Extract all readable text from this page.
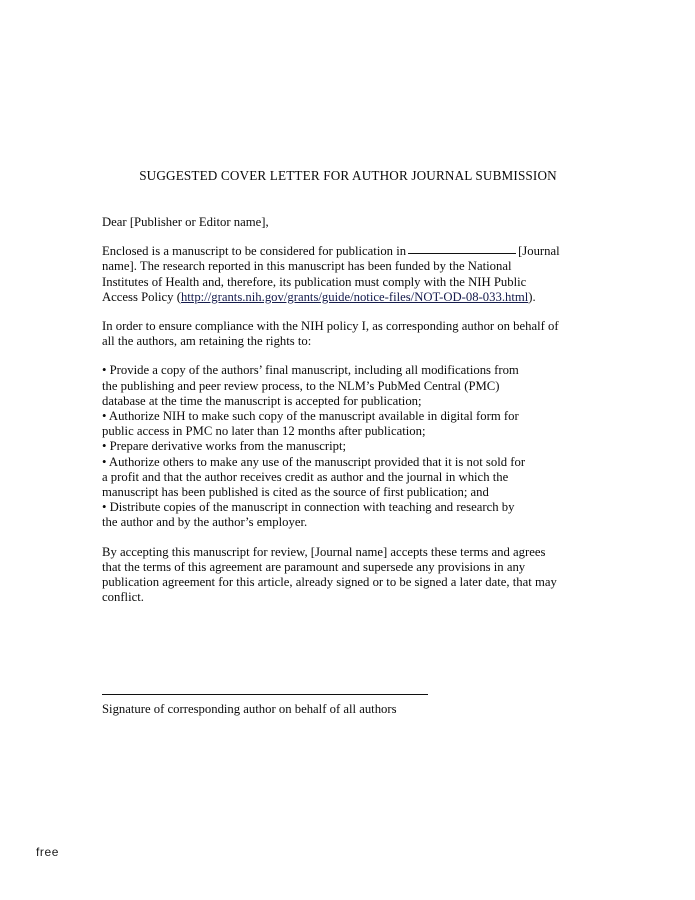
SUGGESTED COVER LETTER FOR AUTHOR JOURNAL SUBMISSION

Dear [Publisher or Editor name],

Enclosed is a manuscript to be considered for publication in	[Journal
name]. The research reported in this manuscript has been funded by the National
Institutes of Health and, therefore, its publication must comply with the NIH Public
Access Policy (http://grants.nih.gov/grants/guide/notice-files/NOT-OD-08-033.html).

In order to ensure compliance with the NIH policy I, as corresponding author on behalf of
all the authors, am retaining the rights to:

• Provide a copy of the authors’ final manuscript, including all modifications from
the publishing and peer review process, to the NLM’s PubMed Central (PMC)
database at the time the manuscript is accepted for publication;
• Authorize NIH to make such copy of the manuscript available in digital form for
public access in PMC no later than 12 months after publication;
• Prepare derivative works from the manuscript;
• Authorize others to make any use of the manuscript provided that it is not sold for
a profit and that the author receives credit as author and the journal in which the
manuscript has been published is cited as the source of first publication; and
• Distribute copies of the manuscript in connection with teaching and research by
the author and by the author’s employer.

By accepting this manuscript for review, [Journal name] accepts these terms and agrees
that the terms of this agreement are paramount and supersede any provisions in any
publication agreement for this article, already signed or to be signed a later date, that may
conflict.

Signature of corresponding author on behalf of all authors
free
